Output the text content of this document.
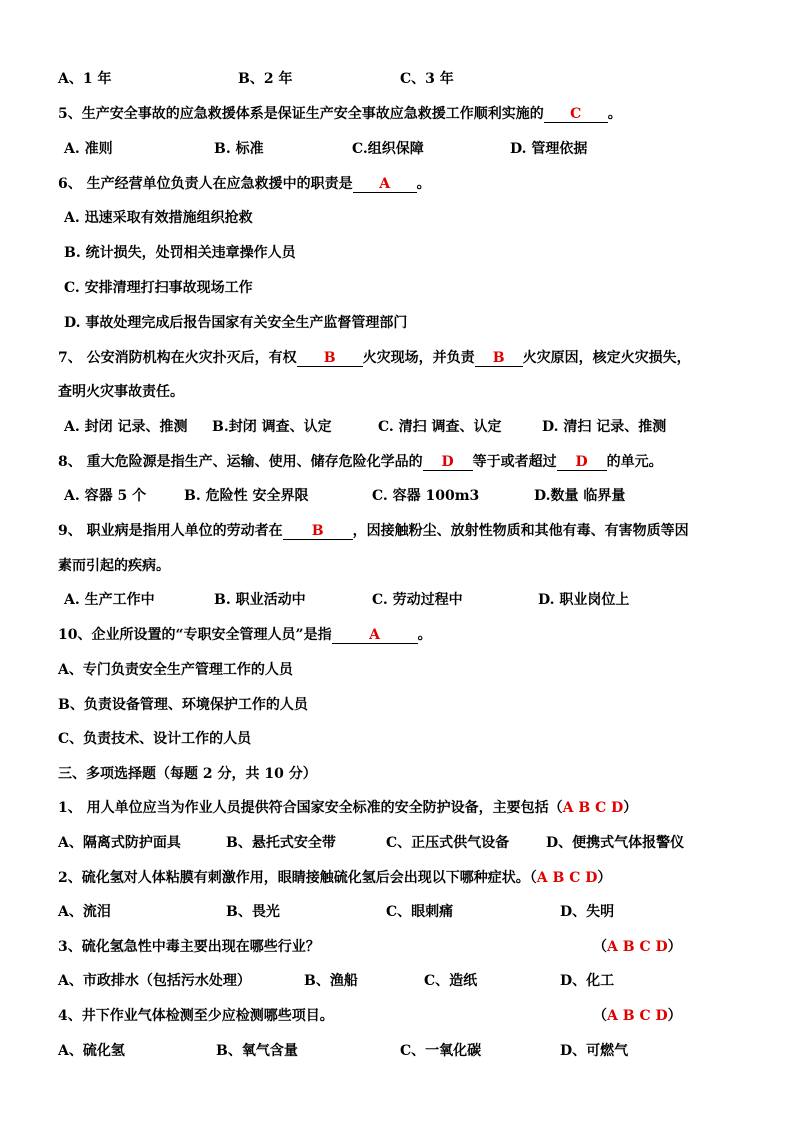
A、1 年	B、2 年	C、3 年
5、生产安全事故的应急救援体系是保证生产安全事故应急救援工作顺利实施的 C 。
A. 准则	B. 标准	C.组织保障	D. 管理依据
6、 生产经营单位负责人在应急救援中的职责是 A 。
A. 迅速采取有效措施组织抢救
B. 统计损失，处罚相关违章操作人员
C. 安排清理打扫事故现场工作
D. 事故处理完成后报告国家有关安全生产监督管理部门
7、 公安消防机构在火灾扑灭后，有权 B 火灾现场，并负责 B 火灾原因，核定火灾损失，
查明火灾事故责任。
A. 封闭 记录、推测 B.封闭 调查、认定	C. 清扫 调查、认定	D. 清扫 记录、推测
8、 重大危险源是指生产、运输、使用、储存危险化学品的 D 等于或者超过 D 的单元。
A. 容器 5 个	B. 危险性 安全界限	C. 容器 100m3	D.数量 临界量
9、 职业病是指用人单位的劳动者在 B ，因接触粉尘、放射性物质和其他有毒、有害物质等因
素而引起的疾病。
A. 生产工作中	B. 职业活动中	C. 劳动过程中	D. 职业岗位上
10、企业所设置的“专职安全管理人员”是指	A	。
A、专门负责安全生产管理工作的人员
B、负责设备管理、环境保护工作的人员
C、负责技术、设计工作的人员
三、多项选择题（每题 2 分，共 10 分）
1、 用人单位应当为作业人员提供符合国家安全标准的安全防护设备，主要包括（A B C D）
A、隔离式防护面具	B、悬托式安全带	C、正压式供气设备	D、便携式气体报警仪
2、硫化氢对人体粘膜有刺激作用，眼睛接触硫化氢后会出现以下哪种症状。（A B C D）
A、流泪	B、畏光	C、眼刺痛	D、失明
3、硫化氢急性中毒主要出现在哪些行业？	（A B C D）
A、市政排水（包括污水处理）	B、渔船	C、造纸	D、化工
4、井下作业气体检测至少应检测哪些项目。	（A B C D）
A、硫化氢	B、氧气含量	C、一氧化碳	D、可燃气
